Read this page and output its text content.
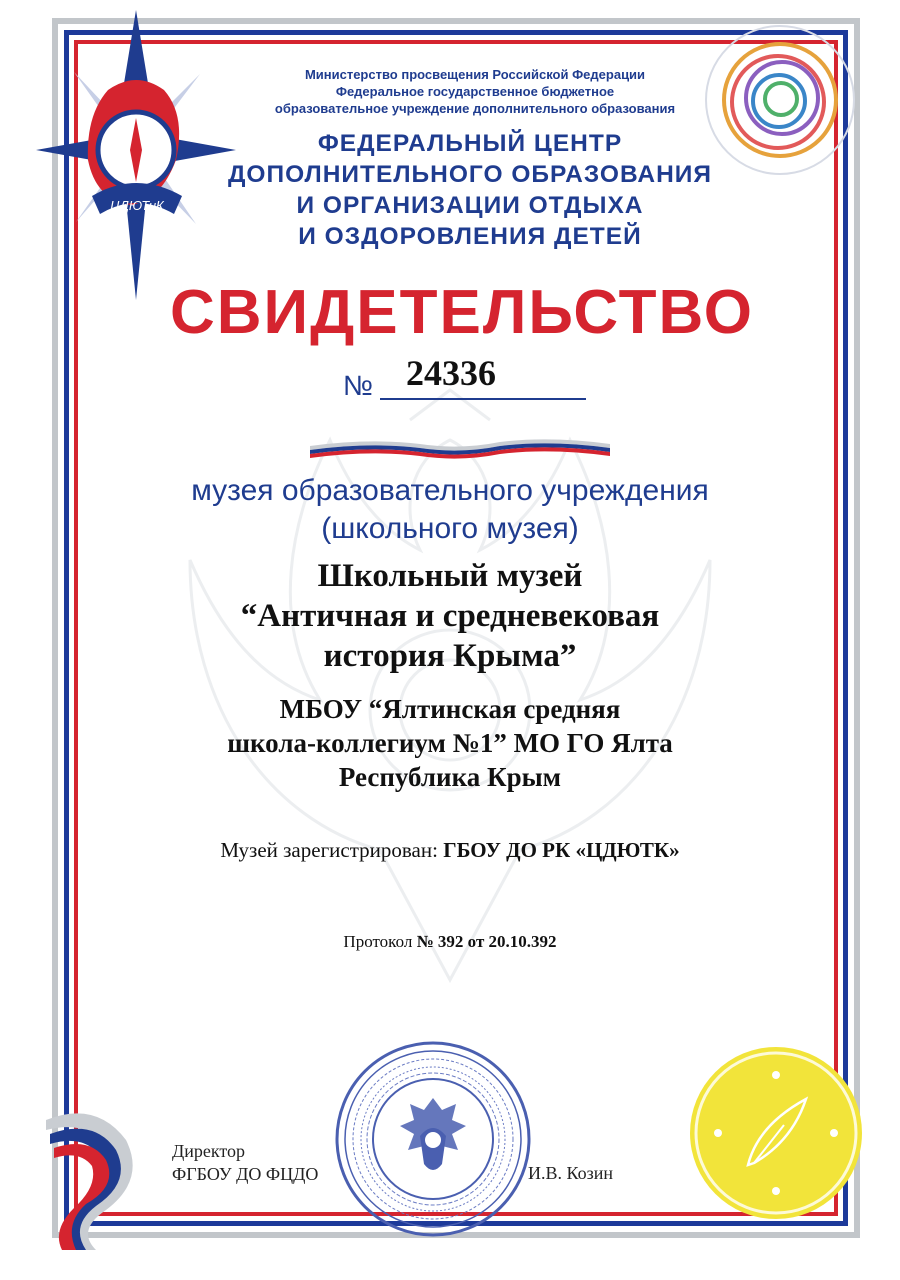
ЦДЮТиК
Министерство просвещения Российской Федерации
Федеральное государственное бюджетное
образовательное учреждение дополнительного образования
ФЕДЕРАЛЬНЫЙ ЦЕНТР
ДОПОЛНИТЕЛЬНОГО ОБРАЗОВАНИЯ
И ОРГАНИЗАЦИИ ОТДЫХА
И ОЗДОРОВЛЕНИЯ ДЕТЕЙ
СВИДЕТЕЛЬСТВО
№ 24336
музея образовательного учреждения
(школьного музея)
Школьный музей
“Античная и средневековая
история Крыма”
МБОУ “Ялтинская средняя
школа-коллегиум №1” МО ГО Ялта
Республика Крым
Музей зарегистрирован: ГБОУ ДО РК «ЦДЮТК»
Протокол № 392 от 20.10.392
Директор
ФГБОУ ДО ФЦДО	И.В. Козин
